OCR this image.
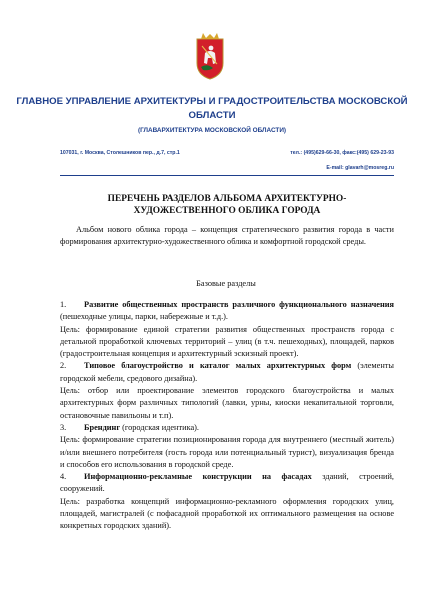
ГЛАВНОЕ УПРАВЛЕНИЕ АРХИТЕКТУРЫ И ГРАДОСТРОИТЕЛЬСТВА МОСКОВСКОЙ ОБЛАСТИ
(ГЛАВАРХИТЕКТУРА МОСКОВСКОЙ ОБЛАСТИ)
107031, г. Москва, Столешников пер., д.7, стр.1	тел.: (495)629-66-30, факс:(495) 629-23-93
E-mail: glavarh@mosreg.ru
ПЕРЕЧЕНЬ РАЗДЕЛОВ АЛЬБОМА АРХИТЕКТУРНО-ХУДОЖЕСТВЕННОГО ОБЛИКА ГОРОДА
Альбом нового облика города – концепция стратегического развития города в части формирования архитектурно-художественного облика и комфортной городской среды.
Базовые разделы

1. Развитие общественных пространств различного функционального назначения (пешеходные улицы, парки, набережные и т.д.).

Цель: формирование единой стратегии развития общественных пространств города с детальной проработкой ключевых территорий – улиц (в т.ч. пешеходных), площадей, парков (градостроительная концепция и архитектурный эскизный проект).

2. Типовое благоустройство и каталог малых архитектурных форм (элементы городской мебели, средового дизайна).

Цель: отбор или проектирование элементов городского благоустройства и малых архитектурных форм различных типологий (лавки, урны, киоски некапитальной торговли, остановочные павильоны и т.п).

3. Брендинг (городская идентика).

Цель: формирование стратегии позиционирования города для внутреннего (местный житель) и/или внешнего потребителя (гость города или потенциальный турист), визуализация бренда и способов его использования в городской среде.

4. Информационно-рекламные конструкции на фасадах зданий, строений, сооружений.

Цель: разработка концепций информационно-рекламного оформления городских улиц, площадей, магистралей (с пофасадной проработкой их оптимального размещения на основе конкретных городских зданий).
